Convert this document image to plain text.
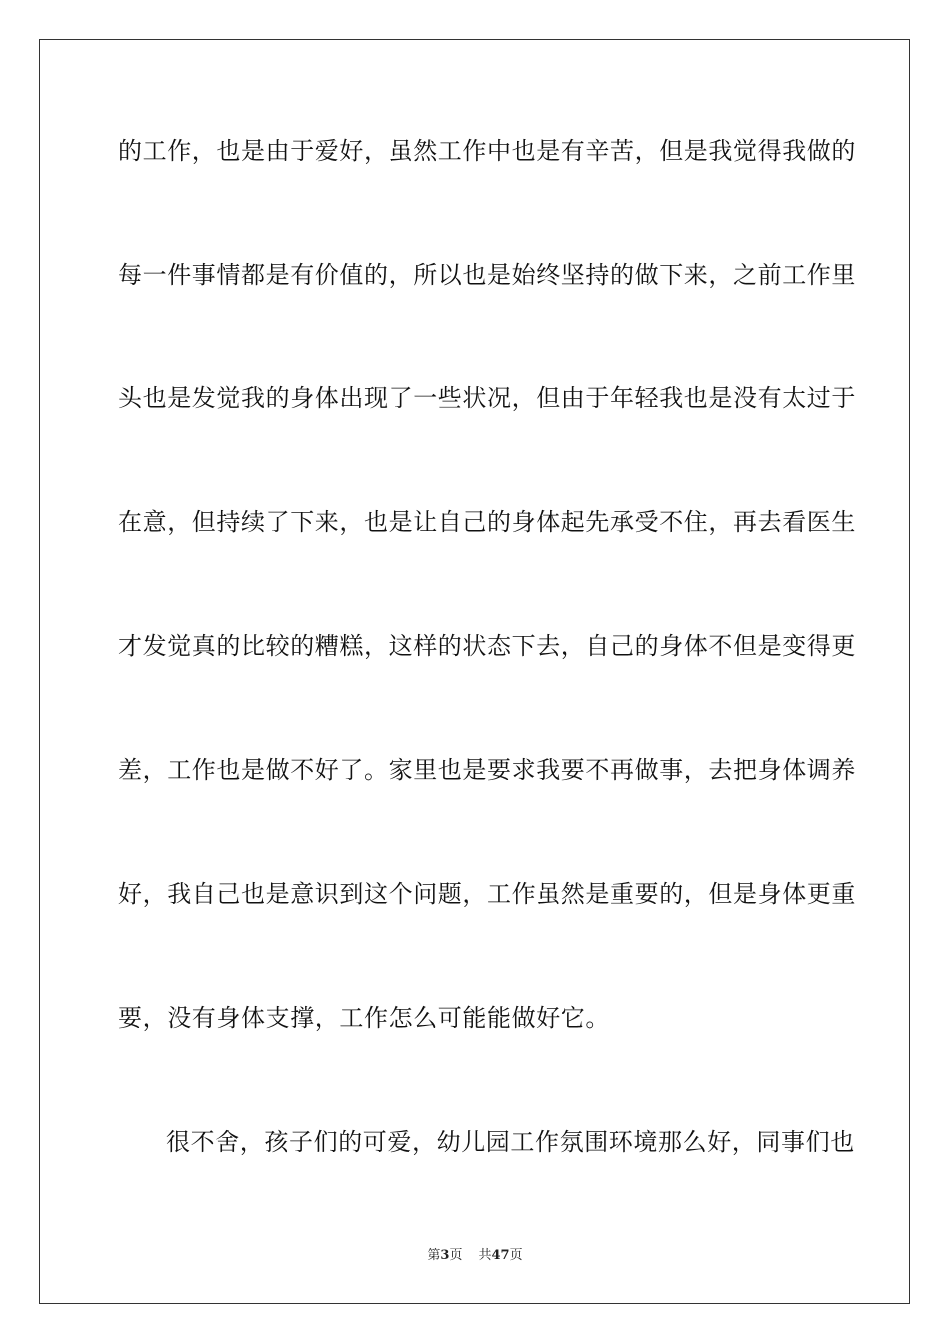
的工作，也是由于爱好，虽然工作中也是有辛苦，但是我觉得我做的
每一件事情都是有价值的，所以也是始终坚持的做下来，之前工作里
头也是发觉我的身体出现了一些状况，但由于年轻我也是没有太过于
在意，但持续了下来，也是让自己的身体起先承受不住，再去看医生
才发觉真的比较的糟糕，这样的状态下去，自己的身体不但是变得更
差，工作也是做不好了。家里也是要求我要不再做事，去把身体调养
好，我自己也是意识到这个问题，工作虽然是重要的，但是身体更重
要，没有身体支撑，工作怎么可能能做好它。
很不舍，孩子们的可爱，幼儿园工作氛围环境那么好，同事们也
第3页 共47页
